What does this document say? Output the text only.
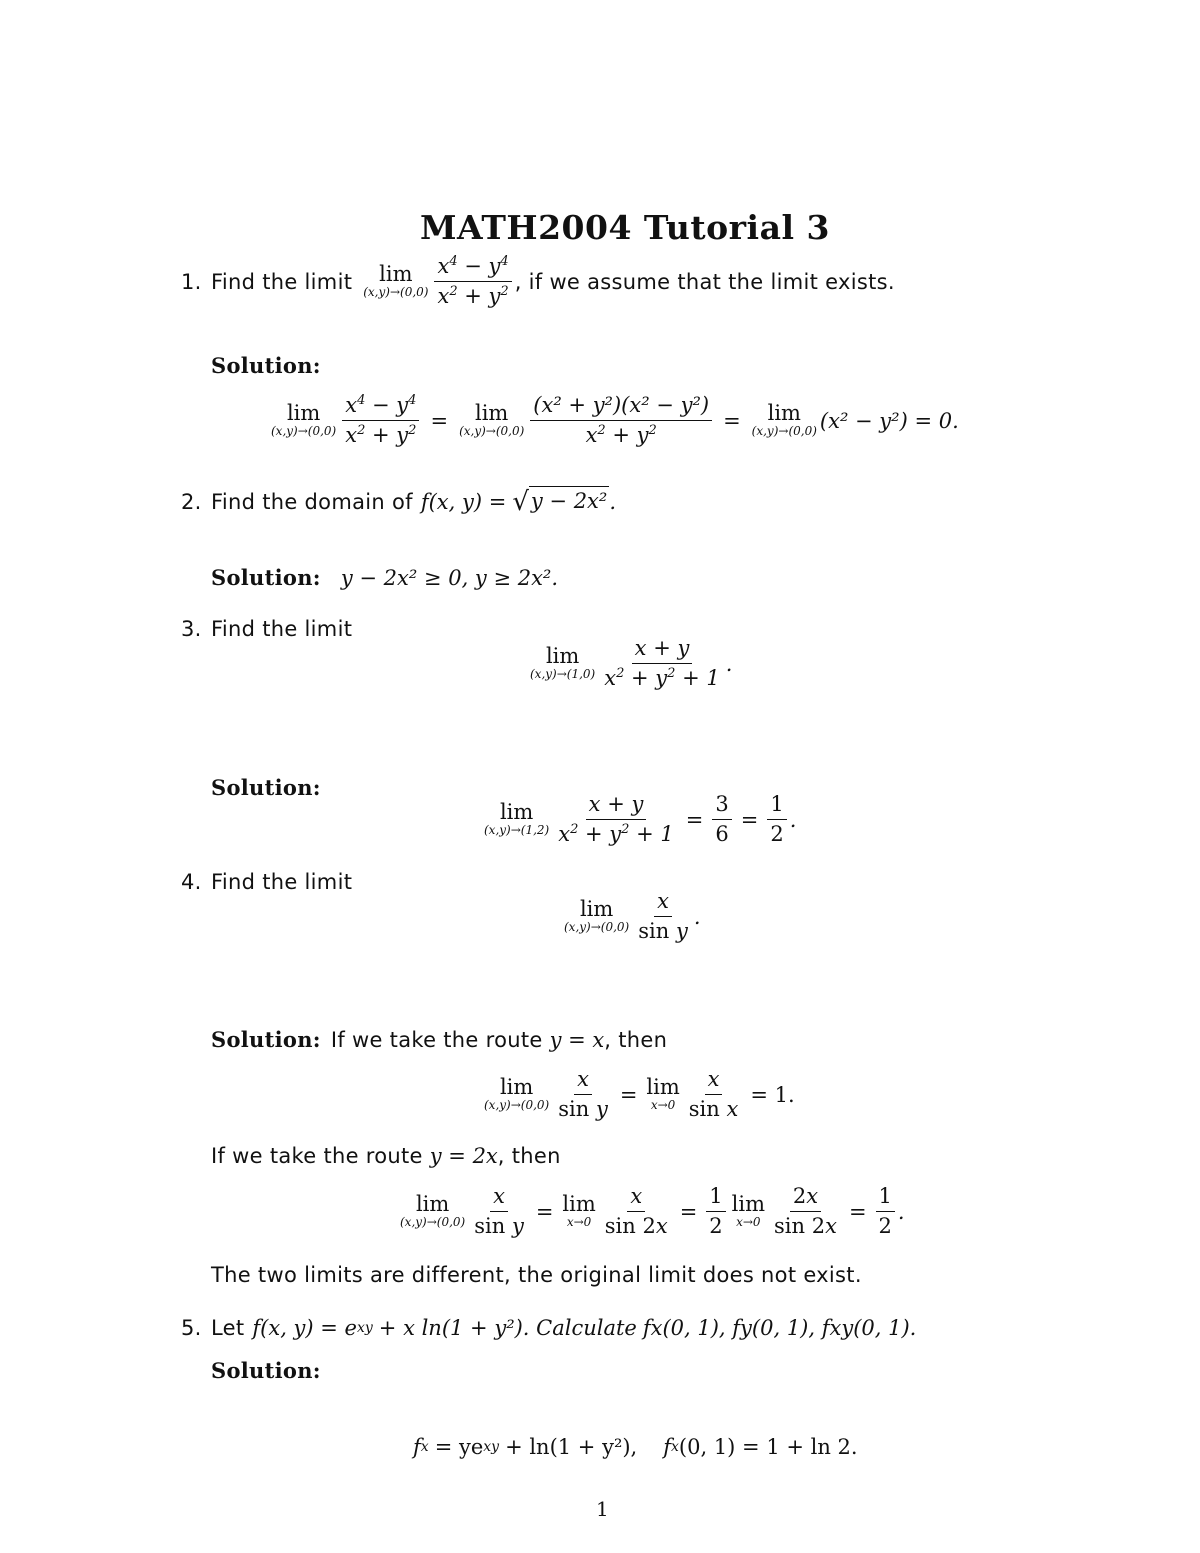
MATH2004 Tutorial 3
1. Find the limit lim
$(x,y)\to(0,0) \frac{x^4 - y^4}{x^2 + y^2}$ , if we assume that the limit exists.
Solution:
lim
$(x,y)\to(0,0) \frac{x^4 - y^4}{x^2 + y^2} = \lim$
$(x,y)\to(0,0) \frac{\text{(x² + y²)(x² − y²)}}{x^2 + y^2} = \lim$
(x,y)→(0,0) (x² − y²) = 0.
2. Find the domain of f(x, y) = √y − 2x² .
Solution: y − 2x² ≥ 0, y ≥ 2x².
3. Find the limit
lim
$(x,y)\to(1,0) \frac{x + y}{x^2 + y^2 + 1}$ .
Solution:
lim
$(x,y)\to(1,2) \frac{x + y}{x^2 + y^2 + 1} = \frac{3}{6} = \frac{1}{2}$ .
4. Find the limit
lim
$(x,y)\to(0,0) \frac{x}{\text{sin y}}$ .
Solution: If we take the route y = x , then
lim
$(x,y)\to(0,0) \frac{x}{\text{sin y}} = \lim$
$x\to 0 \frac{x}{\text{sin x}} = 1$.
If we take the route y = 2x , then
lim
$(x,y)\to(0,0) \frac{x}{\text{sin y}} = \lim$
$x\to 0 \frac{x}{\sin 2x} = \frac{1}{2}$ lim
$x\to 0 \frac{2x}{\sin 2x} = \frac{1}{2}$ .
The two limits are different, the original limit does not exist.
5. Let f(x, y) = e xy + x ln(1 + y²). Calculate fx(0, 1), fy(0, 1), fxy(0, 1).
Solution:
f x = ye xy + ln(1 + y²), f x (0, 1) = 1 + ln 2.
1
